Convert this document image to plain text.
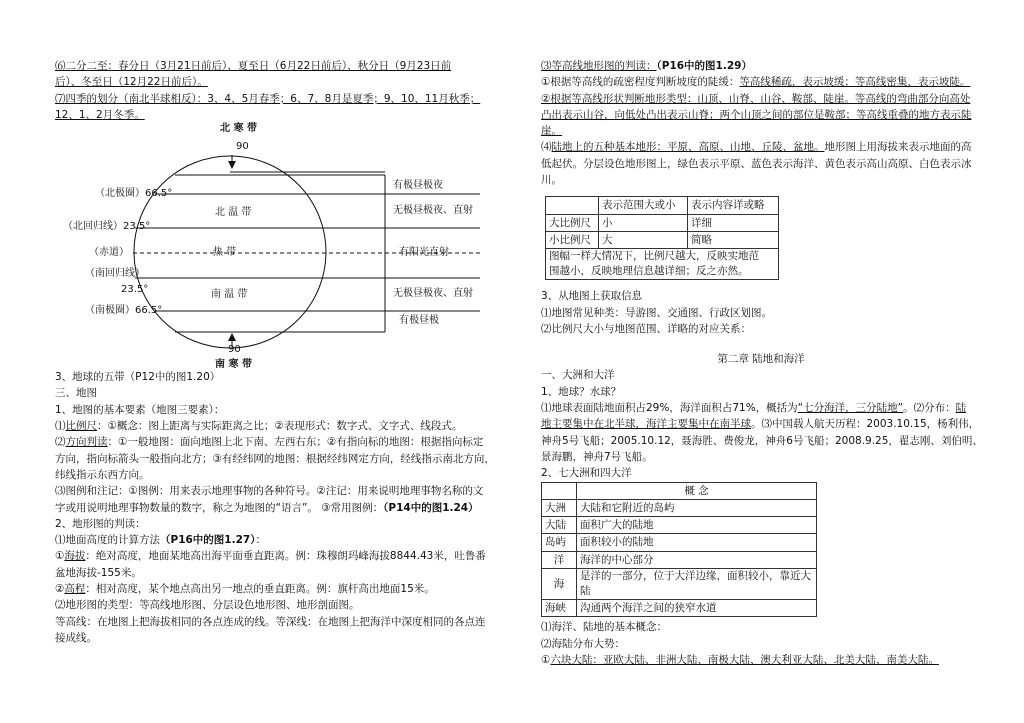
⑹二分二至：春分日（3月21日前后）、夏至日（6月22日前后）、秋分日（9月23日前
后）、冬至日（12月22日前后）。
⑺四季的划分（南北半球相反）：3、4、5月春季；6、7、8月是夏季；9、10、11月秋季；
12、1、2月冬季。
北 寒 带
90
（北极圈）66.5°
（北回归线）23.5°
（赤道）
（南回归线）
23.5°
（南极圈）66.5°
北 温 带
热 带
南 温 带
有极昼极夜
无极昼极夜、直射
有阳光直射
无极昼极夜、直射
有极昼极
90
南 寒 带
3、地球的五带（P12中的图1.20）
三、地图
1、地图的基本要素（地图三要素）：
⑴比例尺：①概念：图上距离与实际距离之比；②表现形式：数字式、文字式、线段式。
⑵方向判读：①一般地图：面向地图上北下南、左西右东；②有指向标的地图：根据指向标定
方向，指向标箭头一般指向北方；③有经纬网的地图：根据经纬网定方向，经线指示南北方向，
纬线指示东西方向。
⑶图例和注记：①图例：用来表示地理事物的各种符号。②注记：用来说明地理事物名称的文
字或用说明地理事物数量的数字，称之为地图的“语言”。 ③常用图例：（P14中的图1.24）
2、地形图的判读：
⑴地面高度的计算方法（P16中的图1.27）：
①海拔：绝对高度，地面某地高出海平面垂直距离。例：珠穆朗玛峰海拔8844.43米，吐鲁番
盆地海拔-155米。
②高程：相对高度，某个地点高出另一地点的垂直距离。例：旗杆高出地面15米。
⑵地形图的类型：等高线地形图、分层设色地形图、地形剖面图。
等高线：在地图上把海拔相同的各点连成的线。等深线：在地图上把海洋中深度相同的各点连
接成线。
⑶等高线地形图的判读：（P16中的图1.29）
①根据等高线的疏密程度判断坡度的陡缓：等高线稀疏，表示坡缓；等高线密集，表示坡陡。
②根据等高线形状判断地形类型：山顶、山脊、山谷、鞍部、陡崖。等高线的弯曲部分向高处
凸出表示山谷，向低处凸出表示山脊；两个山顶之间的部位是鞍部；等高线重叠的地方表示陡
崖。
⑷陆地上的五种基本地形：平原、高原、山地、丘陵、盆地。地形图上用海拔来表示地面的高
低起伏。分层设色地形图上，绿色表示平原、蓝色表示海洋、黄色表示高山高原、白色表示冰
川。
	表示范围大或小	表示内容详或略
大比例尺	小	详细
小比例尺	大	简略

图幅一样大情况下，比例尺越大，反映实地范
围越小，反映地理信息越详细；反之亦然。		
3、从地图上获取信息
⑴地图常见种类：导游图、交通图、行政区划图。
⑵比例尺大小与地图范围、详略的对应关系：
第二章 陆地和海洋
一、大洲和大洋
1、地球？水球？
⑴地球表面陆地面积占29%，海洋面积占71%，概括为“七分海洋，三分陆地”。⑵分布：陆
地主要集中在北半球，海洋主要集中在南半球。⑶中国载人航天历程：2003.10.15，杨利伟，
神舟5号飞船；2005.10.12，聂海胜、费俊龙，神舟6号飞船；2008.9.25，翟志刚、刘伯明、
景海鹏，神舟7号飞船。
2、七大洲和四大洋
	概 念
大洲	大陆和它附近的岛屿
大陆	面积广大的陆地
岛屿	面积较小的陆地
洋	海洋的中心部分
海	是洋的一部分，位于大洋边缘，面积较小，靠近大
陆

海峡	沟通两个海洋之间的狭窄水道
⑴海洋、陆地的基本概念：
⑵海陆分布大势：
①六块大陆：亚欧大陆、非洲大陆、南极大陆、澳大利亚大陆、北美大陆、南美大陆。
